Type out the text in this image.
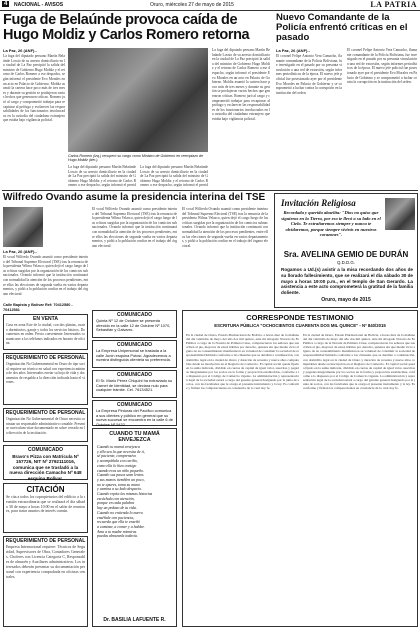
4	NACIONAL - AVISOS	Oruro, miércoles 27 de mayo de 2015	LA PATRIA
Fuga de Belaúnde provoca caída de Hugo Moldiz y Carlos Romero retorna
La Paz, 26 (ANF).-
La fuga del diputado peruano Martín Belaúnde Lossio de su arresto domiciliario en la ciudad de La Paz precipitó la salida del ministro de Gobierno Hugo Moldiz y el retorno de Carlos Romero a ese despacho, según informó el presidente Evo Morales en un acto en Palacio de Gobierno. Moldiz asumió la cartera hace poco más de tres meses y durante su gestión se produjeron varios hechos que generaron críticas. Romero juró al cargo y comprometió trabajar para recapturar al prófugo y esclarecer las responsabilidades de los funcionarios involucrados en la custodia del ciudadano extranjero que estaba bajo vigilancia policial.
Carlos Romero (izq.) recuperó su cargo como Ministro de Gobierno en reemplazo de Hugo Moldiz (der.).
La fuga del diputado peruano Martín Belaúnde Lossio de su arresto domiciliario en la ciudad de La Paz precipitó la salida del ministro de Gobierno Hugo Moldiz y el retorno de Carlos Romero a ese despacho, según informó el presid
La fuga del diputado peruano Martín Belaúnde Lossio de su arresto domiciliario en la ciudad de La Paz precipitó la salida del ministro de Gobierno Hugo Moldiz y el retorno de Carlos Romero a ese despacho, según informó el presid
La fuga del diputado peruano Martín Belaúnde Lossio de su arresto domiciliario en la ciudad de La Paz precipitó la salida del ministro de Gobierno Hugo Moldiz y el retorno de Carlos Romero a ese despacho, según informó el presidente Evo Morales en un acto en Palacio de Gobierno. Moldiz asumió la cartera hace poco más de tres meses y durante su gestión se produjeron varios hechos que generaron críticas. Romero juró al cargo y comprometió trabajar para recapturar al prófugo y esclarecer las responsabilidades de los funcionarios involucrados en la custodia del ciudadano extranjero que estaba bajo vigilancia policial.
Nuevo Comandante de la Policía enfrentó críticas en el pasado
La Paz, 26 (ANF).-
El coronel Felipe Antonio Vera Camacho, flamante comandante de la Policía Boliviana, fue investigado en el pasado por su presunta vinculación a una red de extorsión, según informes periodísticos de la época. El nuevo jefe policial fue posesionado ayer por el presidente Evo Morales en Palacio de Gobierno y se comprometió a luchar contra la corrupción en la institución del orden.
El coronel Felipe Antonio Vera Camacho, flamante comandante de la Policía Boliviana, fue investigado en el pasado por su presunta vinculación a una red de extorsión, según informes periodísticos de la época. El nuevo jefe policial fue posesionado ayer por el presidente Evo Morales en Palacio de Gobierno y se comprometió a luchar contra la corrupción en la institución del orden.
Wilfredo Ovando asume la presidencia interina del TSE
La Paz, 26 (ANF).-
El vocal Wilfredo Ovando asumió como presidente interino del Tribunal Supremo Electoral (TSE) tras la renuncia de la presidenta Wilma Velasco, quien dejó el cargo luego de las críticas surgidas por la organización de los comicios subnacionales. Ovando informó que la institución continuará con normalidad la atención de los procesos pendientes, entre ellos las elecciones de segunda vuelta en varios departamentos, y pidió a la población confiar en el trabajo del órgano electoral.
El vocal Wilfredo Ovando asumió como presidente interino del Tribunal Supremo Electoral (TSE) tras la renuncia de la presidenta Wilma Velasco, quien dejó el cargo luego de las críticas surgidas por la organización de los comicios subnacionales. Ovando informó que la institución continuará con normalidad la atención de los procesos pendientes, entre ellos las elecciones de segunda vuelta en varios departamentos, y pidió a la población confiar en el trabajo del órgano electoral.
El vocal Wilfredo Ovando asumió como presidente interino del Tribunal Supremo Electoral (TSE) tras la renuncia de la presidenta Wilma Velasco, quien dejó el cargo luego de las críticas surgidas por la organización de los comicios subnacionales. Ovando informó que la institución continuará con normalidad la atención de los procesos pendientes, entre ellos las elecciones de segunda vuelta en varios departamentos, y pidió a la población confiar en el trabajo del órgano electoral.
Calle Bapista y Bolívar Ref: 70412580 - 70412581
Invitación Religiosa
Recordada y querida abuelita: "Dios no quiso que siguieras en la Tierra, por eso te llevó a su lado en el Cielo. Te extrañaremos siempre y nunca te olvidaremos, porque siempre vivirás en nuestros corazones".
Sra. AVELINA GEMIO DE DURÁN
Q.D.D.G.
Rogamos a Ud.(s) asistir a la misa recordando dos años de su llorado fallecimiento, que se realizará el día sábado 30 de mayo a horas 19:00 p.m., en el templo de San Gerardo. La asistencia a este acto comprometerá la gratitud de la familia doliente.
Oruro, mayo de 2015
EN VENTA
Casa en zona Este de la ciudad, con dos plantas, cuatro dormitorios, garaje y todos los servicios básicos. Documentos en orden. Precio conveniente. Interesados comunicarse a los teléfonos indicados en horario de oficina.
REQUERIMIENTO DE PERSONAL
Organización No Gubernamental en Oruro de tipo social requiere un técnico en salud con experiencia mínima de dos años. Interesados enviar su hoja de vida y documentos de respaldo a la dirección indicada hasta el viernes.
REQUERIMIENTO DE PERSONAL
Organización No Gubernamental de Oruro necesita contratar un responsable administrativo contable. Presentar curriculum vitae documentado en sobre cerrado en la dirección de la institución.
COMUNICADO
Bravo's Pizza con Matrícula Nº 157726, NIT Nº 2792111016, comunica que se trasladó a la nueva dirección Camacho Nº 648 esquina Bolívar.
CITACIÓN
Se cita a todos los copropietarios del edificio a la reunión extraordinaria que se realizará el día sábado 30 de mayo a horas 10:00 en el salón de reuniones, para tratar asuntos de interés común.
REQUERIMIENTO DE PERSONAL
Empresa Internacional requiere: Técnicos de Seguridad, Supervisores de Obra, Contadores Generales, Choferes con Licencia Categoría C, Responsables de almacén y Auxiliares administrativos. Los interesados deberán presentar su documentación personal con experiencia comprobada en oficinas centrales.
COMUNICADO
Quinta Nº 12 de Octubre se presenta ofrecido en la calle 12 de Octubre Nº 1070, Sebastián y Galvarro.
COMUNICADO
La Empresa Unipersonal se traslada a la calle Junín esquina Potosí. Agradecemos a nuestra distinguida clientela su preferencia.
COMUNICADO
El Sr. Mario Pérez Chiquini ha extraviado su Carnet de Identidad, se declara nulo para cualquier trámite. Cel. 76134521.
COMUNICADO
La Empresa Pinturas del Pacífico comunica a sus clientes y público en general que su nueva sucursal se encuentra en la calle 6 de Octubre Nº 5432.
CUANDO TU MAMÁ ENVEJEZCA
Cuando tu mamá envejezca
y ella sea la que necesita de ti,
sé paciente, comprensivo
y acompáñala con cariño,
como ella lo hizo contigo
cuando eras un niño pequeño.
Cuando sus pasos sean lentos
y sus manos tiemblen un poco,
no te apures, toma su mano
y camina a su lado despacio.
Cuando repita las mismas historias
escúchala con atención,
porque en cada palabra
hay un pedazo de tu vida.
Cuando no entienda lo nuevo
enséñale con paciencia,
recuerda que ella te enseñó
a caminar, a comer y a hablar.
Ama a tu madre mientras
puedas abrazarla todavía.
Dr. BASILIA LAFUENTE R.
CORRESPONDE TESTIMONIO
ESCRITURA PÚBLICA "OCHOCIENTOS CUARENTA DOS MIL QUINCE" - Nº 840/2015
En la ciudad de Oruro, Estado Plurinacional de Bolivia, a horas diez de la mañana del día veintidós de mayo del año dos mil quince, ante mí Abogado Notario de Fe Pública a cargo de la Notaría de Primera Clase, comparecieron los señores que suscriben al pie, mayores de edad, hábiles por derecho, quienes sin que medie vicio alguno de su consentimiento manifestaron su voluntad de constituir la sociedad de responsabilidad limitada conforme a las cláusulas que se detallan a continuación, con domicilio legal en la ciudad de Oruro y duración de noventa y nueve años computables desde su inscripción en el Registro de Comercio. El capital social queda fijado en la suma indicada, dividido en cuotas de capital de igual valor, suscritas y pagadas íntegramente por los socios en la forma y proporción establecidas, conforme a lo dispuesto por el Código de Comercio vigente. La administración y representación legal de la sociedad estará a cargo del gerente general designado por la junta de socios, con las facultades que le otorga el presente instrumento y la ley. Es conforme y firman los comparecientes en constancia de lo cual doy fe.
En la ciudad de Oruro, Estado Plurinacional de Bolivia, a horas diez de la mañana del día veintidós de mayo del año dos mil quince, ante mí Abogado Notario de Fe Pública a cargo de la Notaría de Primera Clase, comparecieron los señores que suscriben al pie, mayores de edad, hábiles por derecho, quienes sin que medie vicio alguno de su consentimiento manifestaron su voluntad de constituir la sociedad de responsabilidad limitada conforme a las cláusulas que se detallan a continuación, con domicilio legal en la ciudad de Oruro y duración de noventa y nueve años computables desde su inscripción en el Registro de Comercio. El capital social queda fijado en la suma indicada, dividido en cuotas de capital de igual valor, suscritas y pagadas íntegramente por los socios en la forma y proporción establecidas, conforme a lo dispuesto por el Código de Comercio vigente. La administración y representación legal de la sociedad estará a cargo del gerente general designado por la junta de socios, con las facultades que le otorga el presente instrumento y la ley. Es conforme y firman los comparecientes en constancia de lo cual doy fe.
